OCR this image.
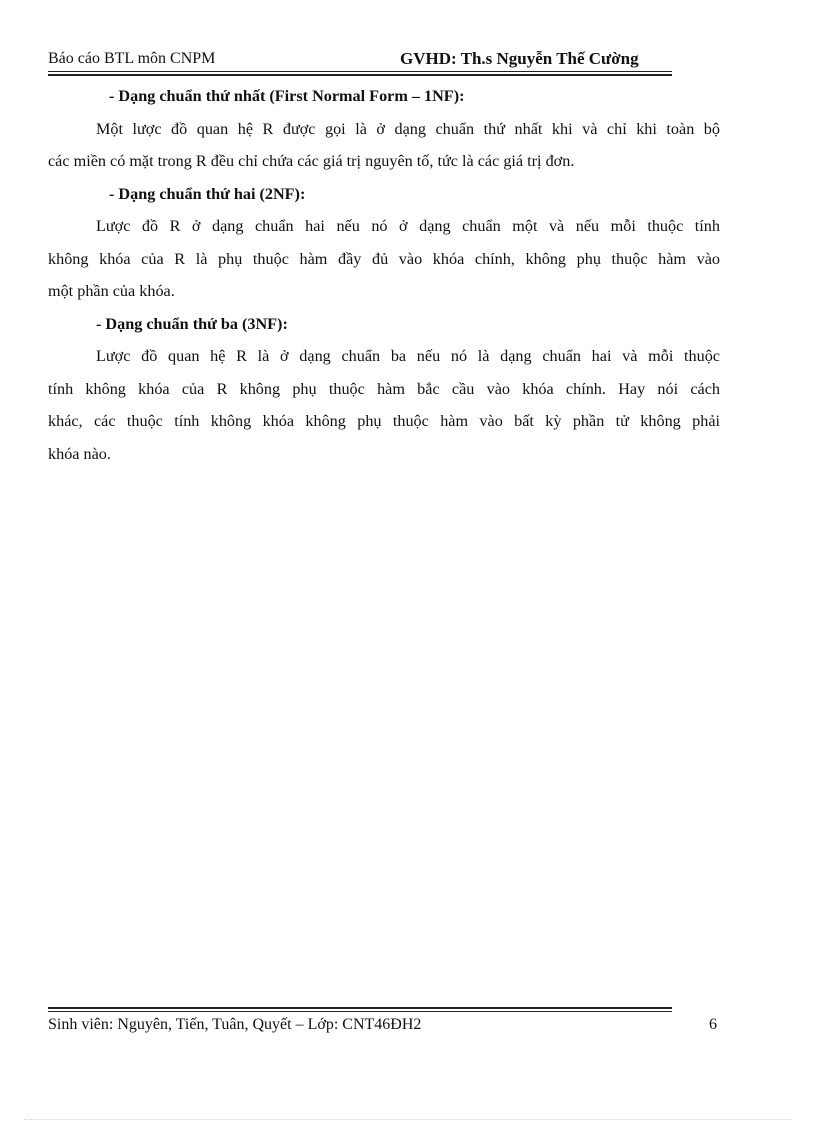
Báo cáo BTL môn CNPM	GVHD: Th.s Nguyễn Thế Cường
- Dạng chuẩn thứ nhất (First Normal Form – 1NF):
Một lược đồ quan hệ R được gọi là ở dạng chuẩn thứ nhất khi và chỉ khi toàn bộ
các miền có mặt trong R đều chỉ chứa các giá trị nguyên tố, tức là các giá trị đơn.
- Dạng chuẩn thứ hai (2NF):
Lược đồ R ở dạng chuẩn hai nếu nó ở dạng chuẩn một và nếu mỗi thuộc tính
không khóa của R là phụ thuộc hàm đầy đủ vào khóa chính, không phụ thuộc hàm vào
một phần của khóa.
- Dạng chuẩn thứ ba (3NF):
Lược đồ quan hệ R là ở dạng chuẩn ba nếu nó là dạng chuẩn hai và mỗi thuộc
tính không khóa của R không phụ thuộc hàm bắc cầu vào khóa chính. Hay nói cách
khác, các thuộc tính không khóa không phụ thuộc hàm vào bất kỳ phần tử không phải
khóa nào.
Sinh viên: Nguyên, Tiến, Tuân, Quyết – Lớp: CNT46ĐH2	6
